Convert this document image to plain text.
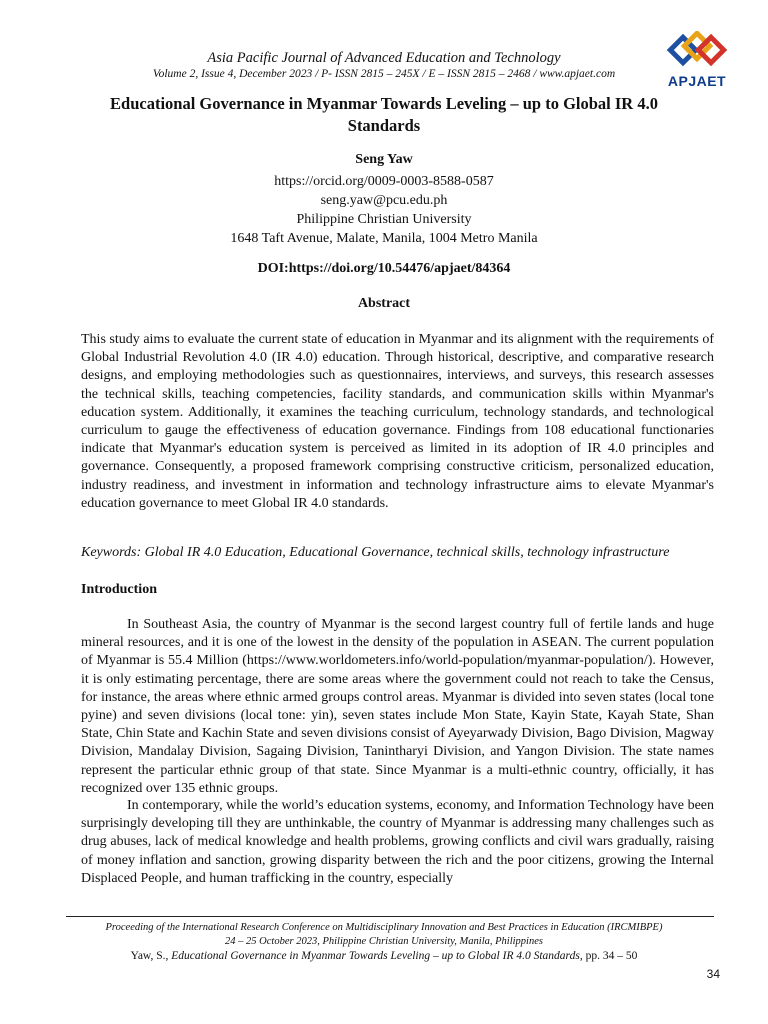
Asia Pacific Journal of Advanced Education and Technology
Volume 2, Issue 4, December 2023 / P- ISSN 2815 – 245X / E – ISSN 2815 – 2468 / www.apjaet.com	APJAET
Educational Governance in Myanmar Towards Leveling – up to Global IR 4.0 Standards
Seng Yaw
https://orcid.org/0009-0003-8588-0587
seng.yaw@pcu.edu.ph
Philippine Christian University
1648 Taft Avenue, Malate, Manila, 1004 Metro Manila
DOI:https://doi.org/10.54476/apjaet/84364
Abstract
This study aims to evaluate the current state of education in Myanmar and its alignment with the requirements of Global Industrial Revolution 4.0 (IR 4.0) education. Through historical, descriptive, and comparative research designs, and employing methodologies such as questionnaires, interviews, and surveys, this research assesses the technical skills, teaching competencies, facility standards, and communication skills within Myanmar's education system. Additionally, it examines the teaching curriculum, technology standards, and technological curriculum to gauge the effectiveness of education governance. Findings from 108 educational functionaries indicate that Myanmar's education system is perceived as limited in its adoption of IR 4.0 principles and governance. Consequently, a proposed framework comprising constructive criticism, personalized education, industry readiness, and investment in information and technology infrastructure aims to elevate Myanmar's education governance to meet Global IR 4.0 standards.
Keywords: Global IR 4.0 Education, Educational Governance, technical skills, technology infrastructure
Introduction
In Southeast Asia, the country of Myanmar is the second largest country full of fertile lands and huge mineral resources, and it is one of the lowest in the density of the population in ASEAN. The current population of Myanmar is 55.4 Million (https://www.worldometers.info/world-population/myanmar-population/). However, it is only estimating percentage, there are some areas where the government could not reach to take the Census, for instance, the areas where ethnic armed groups control areas. Myanmar is divided into seven states (local tone pyine) and seven divisions (local tone: yin), seven states include Mon State, Kayin State, Kayah State, Shan State, Chin State and Kachin State and seven divisions consist of Ayeyarwady Division, Bago Division, Magway Division, Mandalay Division, Sagaing Division, Tanintharyi Division, and Yangon Division. The state names represent the particular ethnic group of that state. Since Myanmar is a multi-ethnic country, officially, it has recognized over 135 ethnic groups.
In contemporary, while the world’s education systems, economy, and Information Technology have been surprisingly developing till they are unthinkable, the country of Myanmar is addressing many challenges such as drug abuses, lack of medical knowledge and health problems, growing conflicts and civil wars gradually, raising of money inflation and sanction, growing disparity between the rich and the poor citizens, growing the Internal Displaced People, and human trafficking in the country, especially
Proceeding of the International Research Conference on Multidisciplinary Innovation and Best Practices in Education (IRCMIBPE)
24 – 25 October 2023, Philippine Christian University, Manila, Philippines
Yaw, S., Educational Governance in Myanmar Towards Leveling – up to Global IR 4.0 Standards, pp. 34 – 50
34
